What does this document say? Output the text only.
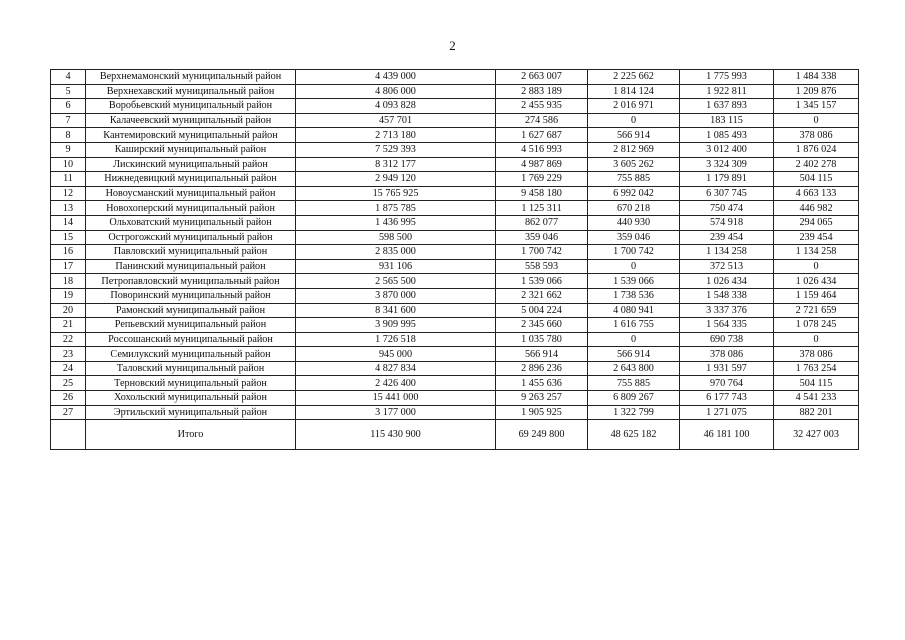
2
4	Верхнемамонский муниципальный район	4 439 000	2 663 007	2 225 662	1 775 993	1 484 338
5	Верхнехавский муниципальный район	4 806 000	2 883 189	1 814 124	1 922 811	1 209 876
6	Воробьевский муниципальный район	4 093 828	2 455 935	2 016 971	1 637 893	1 345 157
7	Калачеевский муниципальный район	457 701	274 586	0	183 115	0
8	Кантемировский муниципальный район	2 713 180	1 627 687	566 914	1 085 493	378 086
9	Каширский муниципальный район	7 529 393	4 516 993	2 812 969	3 012 400	1 876 024
10	Лискинский муниципальный район	8 312 177	4 987 869	3 605 262	3 324 309	2 402 278
11	Нижнедевицкий муниципальный район	2 949 120	1 769 229	755 885	1 179 891	504 115
12	Новоусманский муниципальный район	15 765 925	9 458 180	6 992 042	6 307 745	4 663 133
13	Новохоперский муниципальный район	1 875 785	1 125 311	670 218	750 474	446 982
14	Ольховатский муниципальный район	1 436 995	862 077	440 930	574 918	294 065
15	Острогожский муниципальный район	598 500	359 046	359 046	239 454	239 454
16	Павловский муниципальный район	2 835 000	1 700 742	1 700 742	1 134 258	1 134 258
17	Панинский муниципальный район	931 106	558 593	0	372 513	0
18	Петропавловский муниципальный район	2 565 500	1 539 066	1 539 066	1 026 434	1 026 434
19	Поворинский муниципальный район	3 870 000	2 321 662	1 738 536	1 548 338	1 159 464
20	Рамонский муниципальный район	8 341 600	5 004 224	4 080 941	3 337 376	2 721 659
21	Репьевский муниципальный район	3 909 995	2 345 660	1 616 755	1 564 335	1 078 245
22	Россошанский муниципальный район	1 726 518	1 035 780	0	690 738	0
23	Семилукский муниципальный район	945 000	566 914	566 914	378 086	378 086
24	Таловский муниципальный район	4 827 834	2 896 236	2 643 800	1 931 597	1 763 254
25	Терновский муниципальный район	2 426 400	1 455 636	755 885	970 764	504 115
26	Хохольский муниципальный район	15 441 000	9 263 257	6 809 267	6 177 743	4 541 233
27	Эртильский муниципальный район	3 177 000	1 905 925	1 322 799	1 271 075	882 201
	Итого	115 430 900	69 249 800	48 625 182	46 181 100	32 427 003
